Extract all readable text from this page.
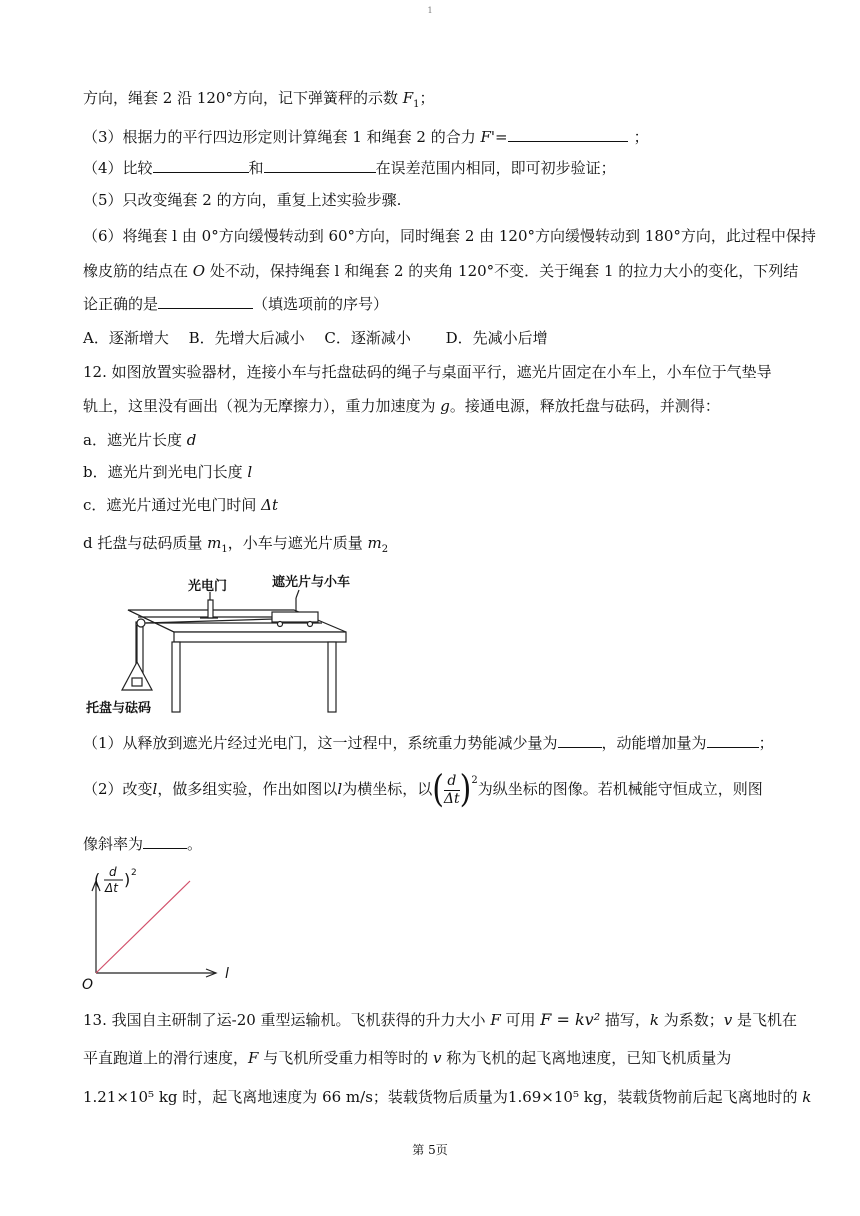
1
方向，绳套 2 沿 120°方向，记下弹簧秤的示数 $F_1$；
（3）根据力的平行四边形定则计算绳套 1 和绳套 2 的合力 F'=	；
（4）比较	和	在误差范围内相同，即可初步验证；
（5）只改变绳套 2 的方向，重复上述实验步骤.
（6）将绳套 l 由 0°方向缓慢转动到 60°方向，同时绳套 2 由 120°方向缓慢转动到 180°方向，此过程中保持
橡皮筋的结点在 O 处不动，保持绳套 l 和绳套 2 的夹角 120°不变．关于绳套 1 的拉力大小的变化，下列结
论正确的是	（填选项前的序号）
A．逐渐增大　 B．先增大后减小　 C．逐渐减小　　 D．先减小后增
12. 如图放置实验器材，连接小车与托盘砝码的绳子与桌面平行，遮光片固定在小车上，小车位于气垫导
轨上，这里没有画出（视为无摩擦力），重力加速度为 g。接通电源，释放托盘与砝码，并测得：
a．遮光片长度 d
b．遮光片到光电门长度 l
c．遮光片通过光电门时间 Δt
d 托盘与砝码质量 $m_1$，小车与遮光片质量 $m_2$
光电门	遮光片与小车
托盘与砝码
（1）从释放到遮光片经过光电门，这一过程中，系统重力势能减少量为	，动能增加量为	；
（2）改变l，做多组实验，作出如图以l为横坐标，以( $\frac{d}{\Delta t} )^2$为纵坐标的图像。若机械能守恒成立，则图
像斜率为	。
( d
Δt ) 2
l
O
13. 我国自主研制了运-20 重型运输机。飞机获得的升力大小 F 可用 F = kv² 描写，k 为系数；v 是飞机在
平直跑道上的滑行速度，F 与飞机所受重力相等时的 v 称为飞机的起飞离地速度，已知飞机质量为
1.21×10⁵ kg 时，起飞离地速度为 66 m/s；装载货物后质量为1.69×10⁵ kg，装载货物前后起飞离地时的 k
第 5页
